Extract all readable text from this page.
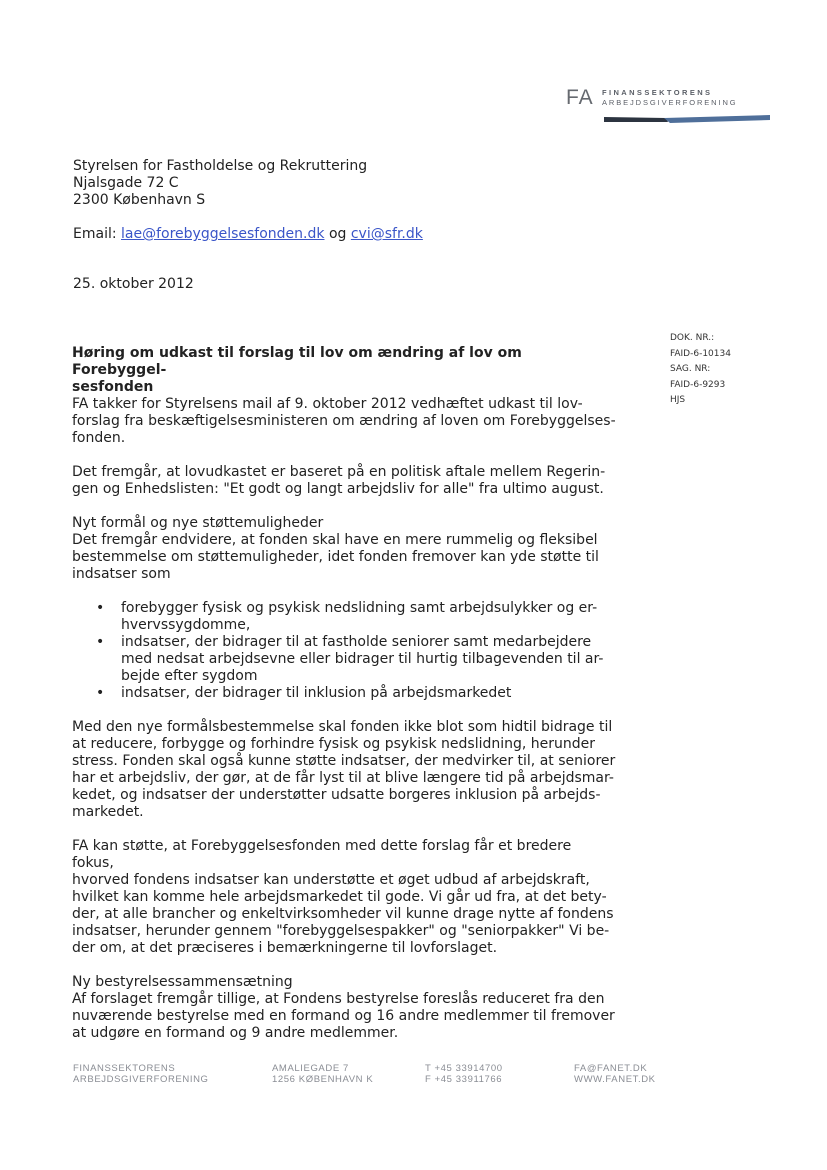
FA FINANSSEKTORENS
ARBEJDSGIVERFORENING
Styrelsen for Fastholdelse og Rekruttering
Njalsgade 72 C
2300 København S
Email: lae@forebyggelsesfonden.dk og cvi@sfr.dk
25. oktober 2012
DOK. NR.:
FAID-6-10134
SAG. NR:
FAID-6-9293
HJS

Høring om udkast til forslag til lov om ændring af lov om Forebyggel-
sesfonden

FA takker for Styrelsens mail af 9. oktober 2012 vedhæftet udkast til lov-
forslag fra beskæftigelsesministeren om ændring af loven om Forebyggelses-
fonden.

Det fremgår, at lovudkastet er baseret på en politisk aftale mellem Regerin-
gen og Enhedslisten: "Et godt og langt arbejdsliv for alle" fra ultimo august.

Nyt formål og nye støttemuligheder

Det fremgår endvidere, at fonden skal have en mere rummelig og fleksibel
bestemmelse om støttemuligheder, idet fonden fremover kan yde støtte til
indsatser som

• forebygger fysisk og psykisk nedslidning samt arbejdsulykker og er-
hvervssygdomme,
• indsatser, der bidrager til at fastholde seniorer samt medarbejdere
med nedsat arbejdsevne eller bidrager til hurtig tilbagevenden til ar-
bejde efter sygdom
• indsatser, der bidrager til inklusion på arbejdsmarkedet

Med den nye formålsbestemmelse skal fonden ikke blot som hidtil bidrage til
at reducere, forbygge og forhindre fysisk og psykisk nedslidning, herunder
stress. Fonden skal også kunne støtte indsatser, der medvirker til, at seniorer
har et arbejdsliv, der gør, at de får lyst til at blive længere tid på arbejdsmar-
kedet, og indsatser der understøtter udsatte borgeres inklusion på arbejds-
markedet.

FA kan støtte, at Forebyggelsesfonden med dette forslag får et bredere fokus,
hvorved fondens indsatser kan understøtte et øget udbud af arbejdskraft,
hvilket kan komme hele arbejdsmarkedet til gode. Vi går ud fra, at det bety-
der, at alle brancher og enkeltvirksomheder vil kunne drage nytte af fondens
indsatser, herunder gennem "forebyggelsespakker" og "seniorpakker" Vi be-
der om, at det præciseres i bemærkningerne til lovforslaget.

Ny bestyrelsessammensætning

Af forslaget fremgår tillige, at Fondens bestyrelse foreslås reduceret fra den
nuværende bestyrelse med en formand og 16 andre medlemmer til fremover
at udgøre en formand og 9 andre medlemmer.

FINANSSEKTORENS
ARBEJDSGIVERFORENING
AMALIEGADE 7
1256 KØBENHAVN K
T +45 33914700
F +45 33911766
FA@FANET.DK
WWW.FANET.DK
